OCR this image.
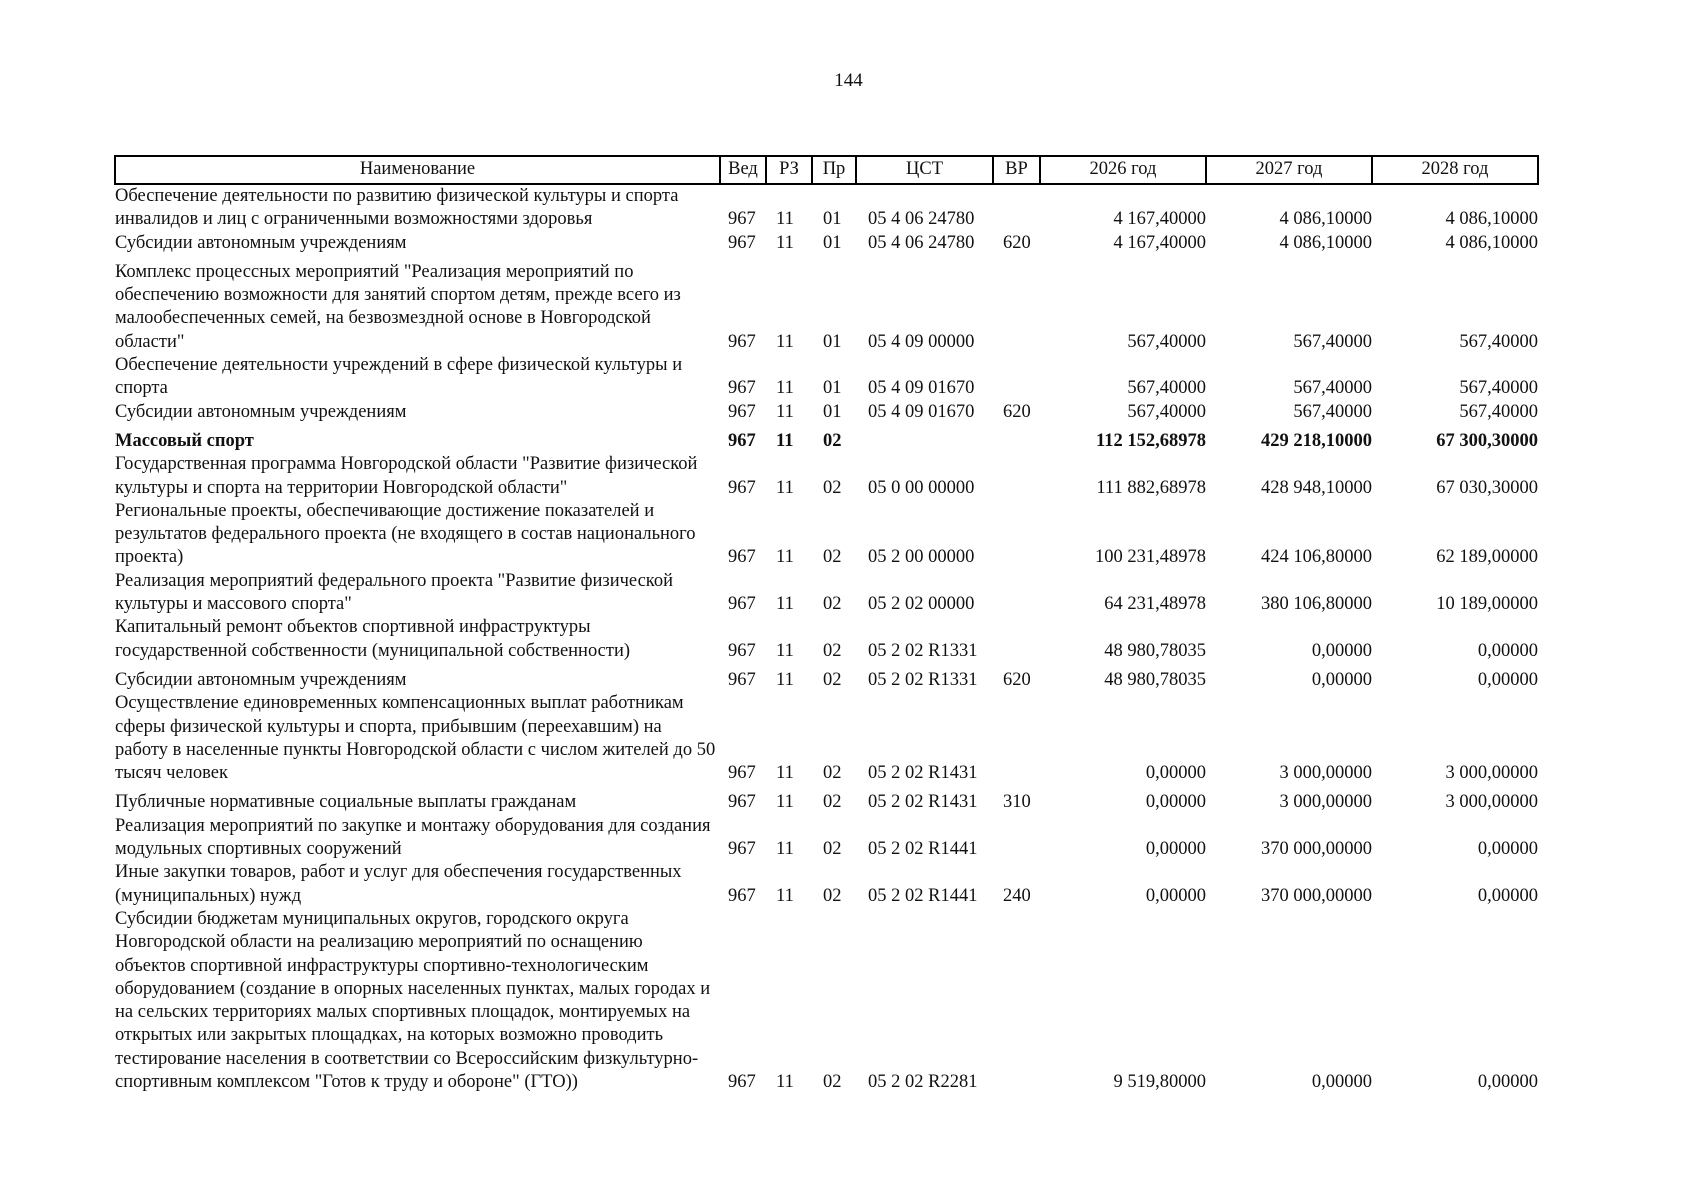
144
Наименование	Вед	РЗ	Пр	ЦСТ	ВР	2026 год	2027 год	2028 год
Обеспечение деятельности по развитию физической культуры и спорта инвалидов и лиц с ограниченными возможностями здоровья	967	11	01	05 4 06 24780		4 167,40000	4 086,10000	4 086,10000
Субсидии автономным учреждениям	967	11	01	05 4 06 24780	620	4 167,40000	4 086,10000	4 086,10000
Комплекс процессных мероприятий "Реализация мероприятий по обеспечению возможности для занятий спортом детям, прежде всего из малообеспеченных семей, на безвозмездной основе в Новгородской области"	967	11	01	05 4 09 00000		567,40000	567,40000	567,40000
Обеспечение деятельности учреждений в сфере физической культуры и спорта	967	11	01	05 4 09 01670		567,40000	567,40000	567,40000
Субсидии автономным учреждениям	967	11	01	05 4 09 01670	620	567,40000	567,40000	567,40000
Массовый спорт	967	11	02			112 152,68978	429 218,10000	67 300,30000
Государственная программа Новгородской области "Развитие физической культуры и спорта на территории Новгородской области"	967	11	02	05 0 00 00000		111 882,68978	428 948,10000	67 030,30000
Региональные проекты, обеспечивающие достижение показателей и результатов федерального проекта (не входящего в состав национального проекта)	967	11	02	05 2 00 00000		100 231,48978	424 106,80000	62 189,00000
Реализация мероприятий федерального проекта "Развитие физической культуры и массового спорта"	967	11	02	05 2 02 00000		64 231,48978	380 106,80000	10 189,00000
Капитальный ремонт объектов спортивной инфраструктуры государственной собственности (муниципальной собственности)	967	11	02	05 2 02 R1331		48 980,78035	0,00000	0,00000
Субсидии автономным учреждениям	967	11	02	05 2 02 R1331	620	48 980,78035	0,00000	0,00000
Осуществление единовременных компенсационных выплат работникам сферы физической культуры и спорта, прибывшим (переехавшим) на работу в населенные пункты Новгородской области с числом жителей до 50 тысяч человек	967	11	02	05 2 02 R1431		0,00000	3 000,00000	3 000,00000
Публичные нормативные социальные выплаты гражданам	967	11	02	05 2 02 R1431	310	0,00000	3 000,00000	3 000,00000
Реализация мероприятий по закупке и монтажу оборудования для создания модульных спортивных сооружений	967	11	02	05 2 02 R1441		0,00000	370 000,00000	0,00000
Иные закупки товаров, работ и услуг для обеспечения государственных (муниципальных) нужд	967	11	02	05 2 02 R1441	240	0,00000	370 000,00000	0,00000
Субсидии бюджетам муниципальных округов, городского округа Новгородской области на реализацию мероприятий по оснащению объектов спортивной инфраструктуры спортивно-технологическим оборудованием (создание в опорных населенных пунктах, малых городах и на сельских территориях малых спортивных площадок, монтируемых на открытых или закрытых площадках, на которых возможно проводить тестирование населения в соответствии со Всероссийским физкультурно-спортивным комплексом "Готов к труду и обороне" (ГТО))	967	11	02	05 2 02 R2281		9 519,80000	0,00000	0,00000
